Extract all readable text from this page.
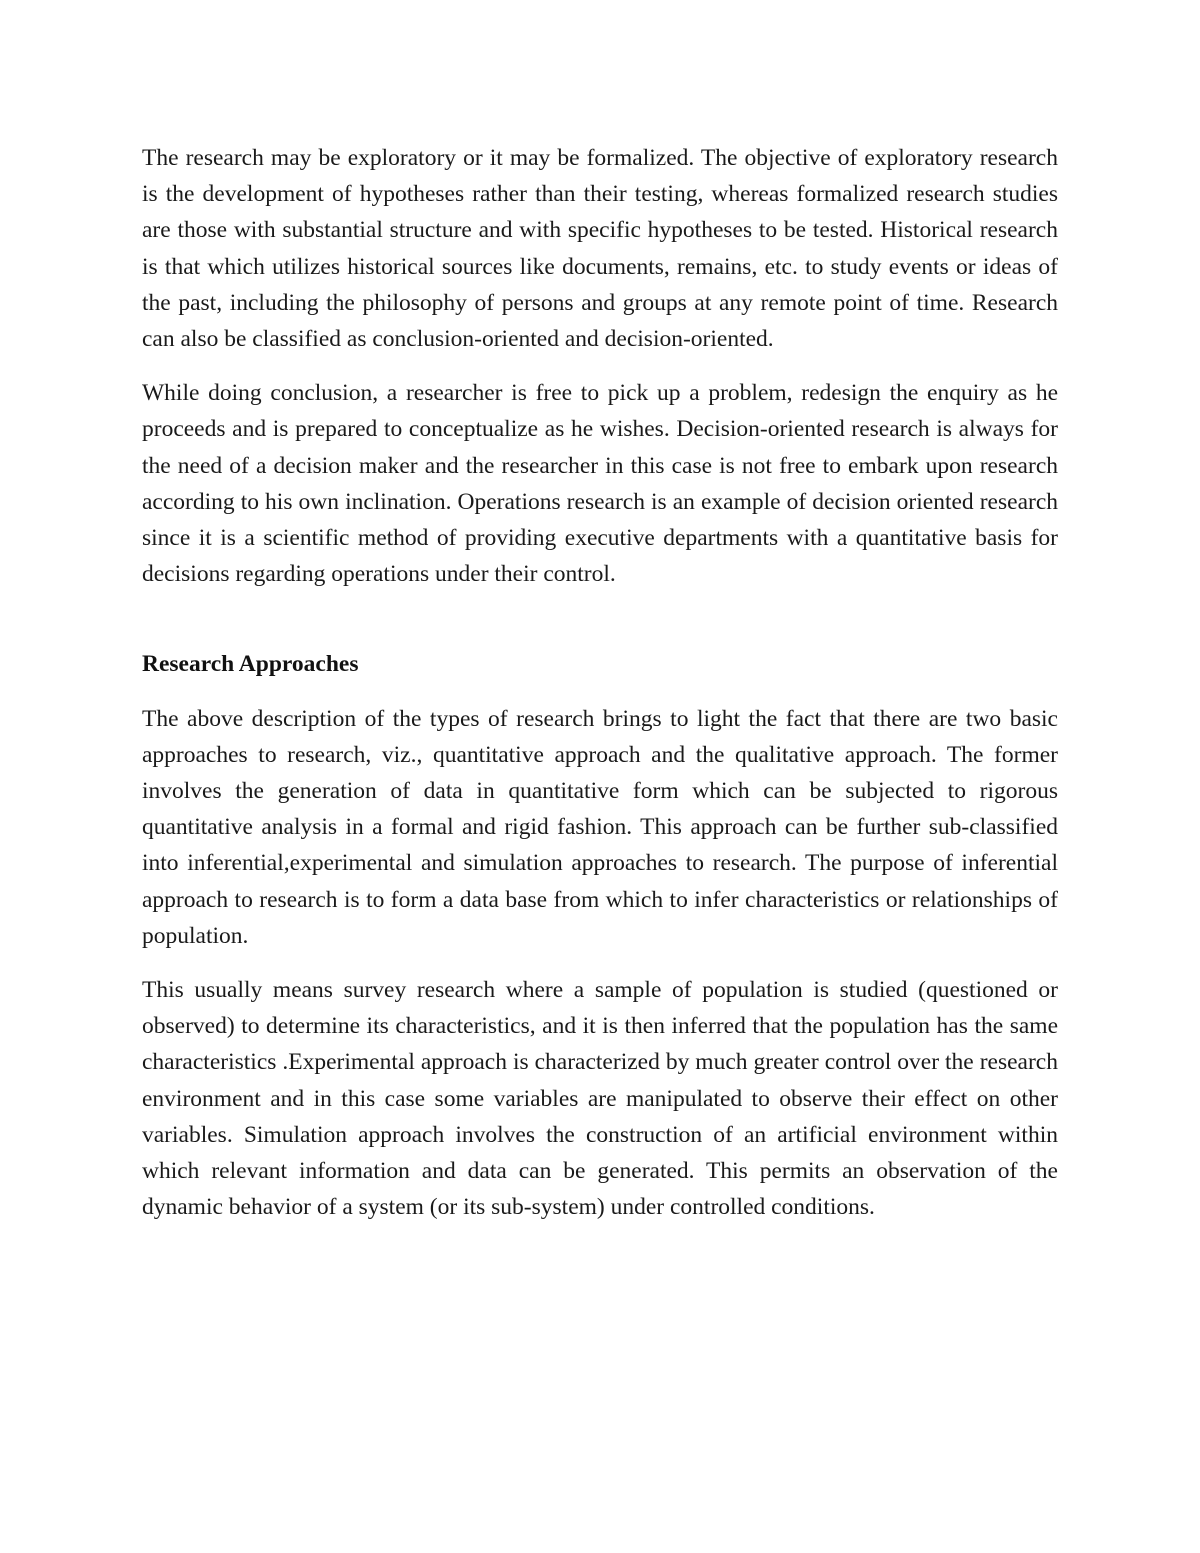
The research may be exploratory or it may be formalized. The objective of exploratory research is the development of hypotheses rather than their testing, whereas formalized research studies are those with substantial structure and with specific hypotheses to be tested. Historical research is that which utilizes historical sources like documents, remains, etc. to study events or ideas of the past, including the philosophy of persons and groups at any remote point of time. Research can also be classified as conclusion-oriented and decision-oriented.

While doing conclusion, a researcher is free to pick up a problem, redesign the enquiry as he proceeds and is prepared to conceptualize as he wishes. Decision-oriented research is always for the need of a decision maker and the researcher in this case is not free to embark upon research according to his own inclination. Operations research is an example of decision oriented research since it is a scientific method of providing executive departments with a quantitative basis for decisions regarding operations under their control.

Research Approaches

The above description of the types of research brings to light the fact that there are two basic approaches to research, viz., quantitative approach and the qualitative approach. The former involves the generation of data in quantitative form which can be subjected to rigorous quantitative analysis in a formal and rigid fashion. This approach can be further sub-classified into inferential,experimental and simulation approaches to research. The purpose of inferential approach to research is to form a data base from which to infer characteristics or relationships of population.

This usually means survey research where a sample of population is studied (questioned or observed) to determine its characteristics, and it is then inferred that the population has the same characteristics .Experimental approach is characterized by much greater control over the research environment and in this case some variables are manipulated to observe their effect on other variables. Simulation approach involves the construction of an artificial environment within which relevant information and data can be generated. This permits an observation of the dynamic behavior of a system (or its sub-system) under controlled conditions.
